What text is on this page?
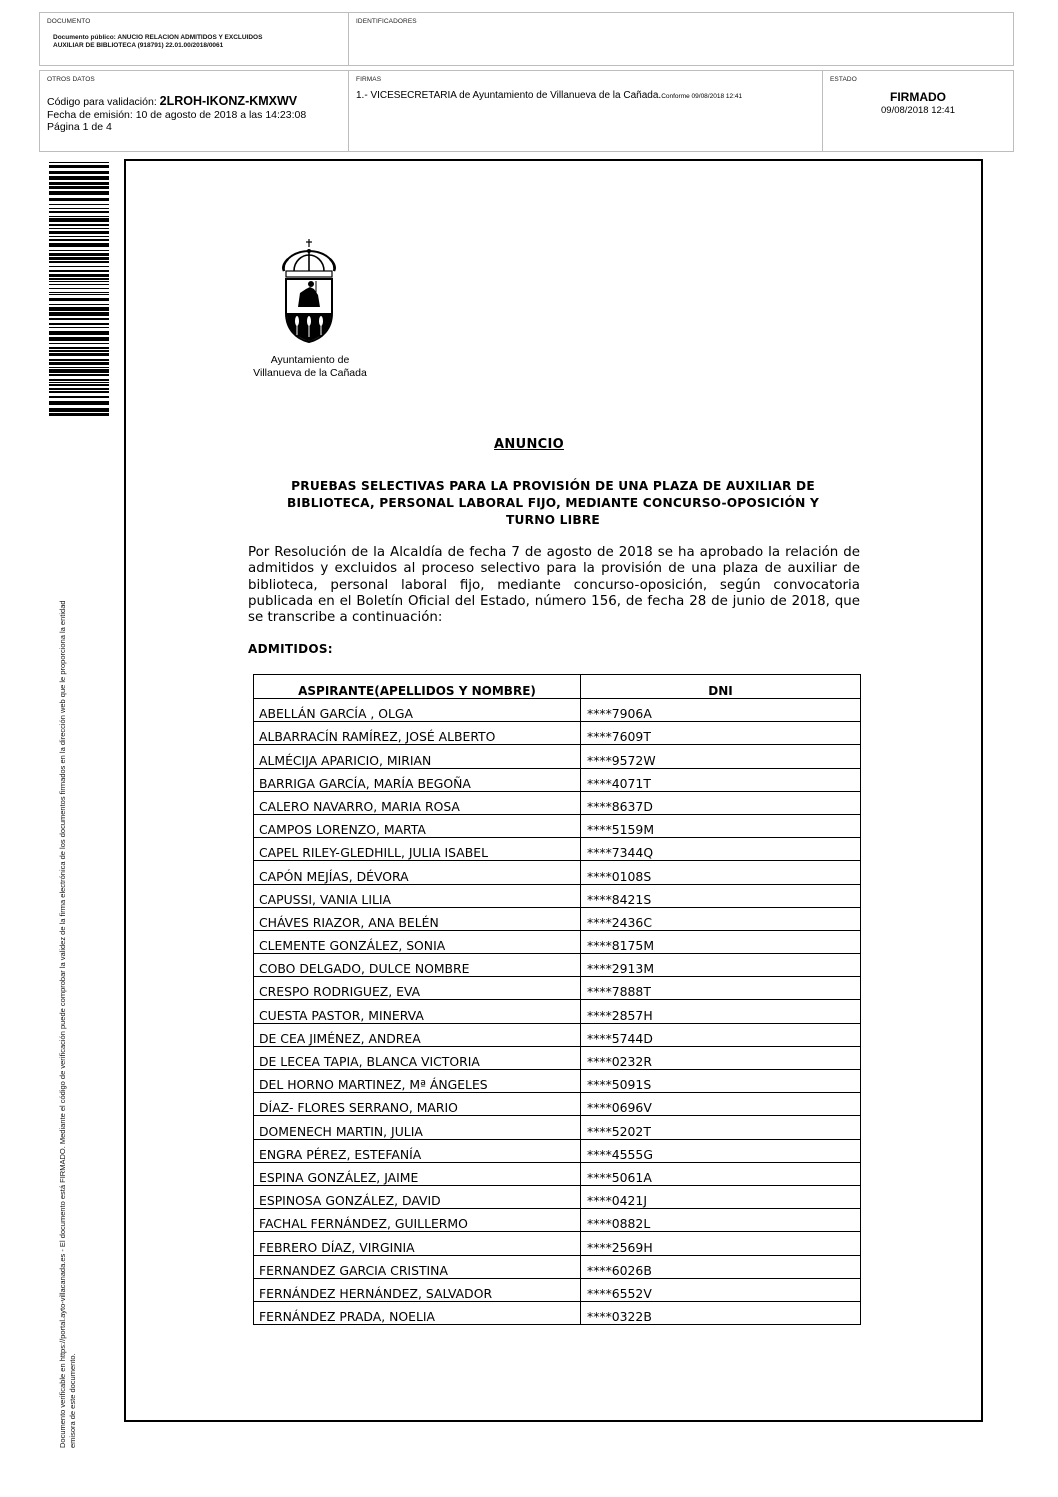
DOCUMENTO
Documento público: ANUCIO RELACION ADMITIDOS Y EXCLUIDOS
AUXILIAR DE BIBLIOTECA (918791) 22.01.00/2018/0061
IDENTIFICADORES
OTROS DATOS
Código para validación: 2LROH-IKONZ-KMXWV
Fecha de emisión: 10 de agosto de 2018 a las 14:23:08
Página 1 de 4
FIRMAS
1.- VICESECRETARIA de Ayuntamiento de Villanueva de la Cañada.Conforme 09/08/2018 12:41
ESTADO
FIRMADO
09/08/2018 12:41
Documento verificable en https://portal.ayto-villacanada.es - El documento está FIRMADO. Mediante el código de verificación puede comprobar la validez de la firma electrónica de los documentos firmados en la dirección web que le proporciona la entidad emisora de este documento.
Ayuntamiento de
Villanueva de la Cañada
ANUNCIO
PRUEBAS SELECTIVAS PARA LA PROVISIÓN DE UNA PLAZA DE AUXILIAR DE BIBLIOTECA, PERSONAL LABORAL FIJO, MEDIANTE CONCURSO-OPOSICIÓN Y TURNO LIBRE
Por Resolución de la Alcaldía de fecha 7 de agosto de 2018 se ha aprobado la relación de admitidos y excluidos al proceso selectivo para la provisión de una plaza de auxiliar de biblioteca, personal laboral fijo, mediante concurso-oposición, según convocatoria publicada en el Boletín Oficial del Estado, número 156, de fecha 28 de junio de 2018, que se transcribe a continuación:
ADMITIDOS:
ASPIRANTE(APELLIDOS Y NOMBRE)	DNI
ABELLÁN GARCÍA , OLGA	****7906A
ALBARRACÍN RAMÍREZ, JOSÉ ALBERTO	****7609T
ALMÉCIJA APARICIO, MIRIAN	****9572W
BARRIGA GARCÍA, MARÍA BEGOÑA	****4071T
CALERO NAVARRO, MARIA ROSA	****8637D
CAMPOS LORENZO, MARTA	****5159M
CAPEL RILEY-GLEDHILL, JULIA ISABEL	****7344Q
CAPÓN MEJÍAS, DÉVORA	****0108S
CAPUSSI, VANIA LILIA	****8421S
CHÁVES RIAZOR, ANA BELÉN	****2436C
CLEMENTE GONZÁLEZ, SONIA	****8175M
COBO DELGADO, DULCE NOMBRE	****2913M
CRESPO RODRIGUEZ, EVA	****7888T
CUESTA PASTOR, MINERVA	****2857H
DE CEA JIMÉNEZ, ANDREA	****5744D
DE LECEA TAPIA, BLANCA VICTORIA	****0232R
DEL HORNO MARTINEZ, Mª ÁNGELES	****5091S
DÍAZ- FLORES SERRANO, MARIO	****0696V
DOMENECH MARTIN, JULIA	****5202T
ENGRA PÉREZ, ESTEFANÍA	****4555G
ESPINA GONZÁLEZ, JAIME	****5061A
ESPINOSA GONZÁLEZ, DAVID	****0421J
FACHAL FERNÁNDEZ, GUILLERMO	****0882L
FEBRERO DÍAZ, VIRGINIA	****2569H
FERNANDEZ GARCIA CRISTINA	****6026B
FERNÁNDEZ HERNÁNDEZ, SALVADOR	****6552V
FERNÁNDEZ PRADA, NOELIA	****0322B
